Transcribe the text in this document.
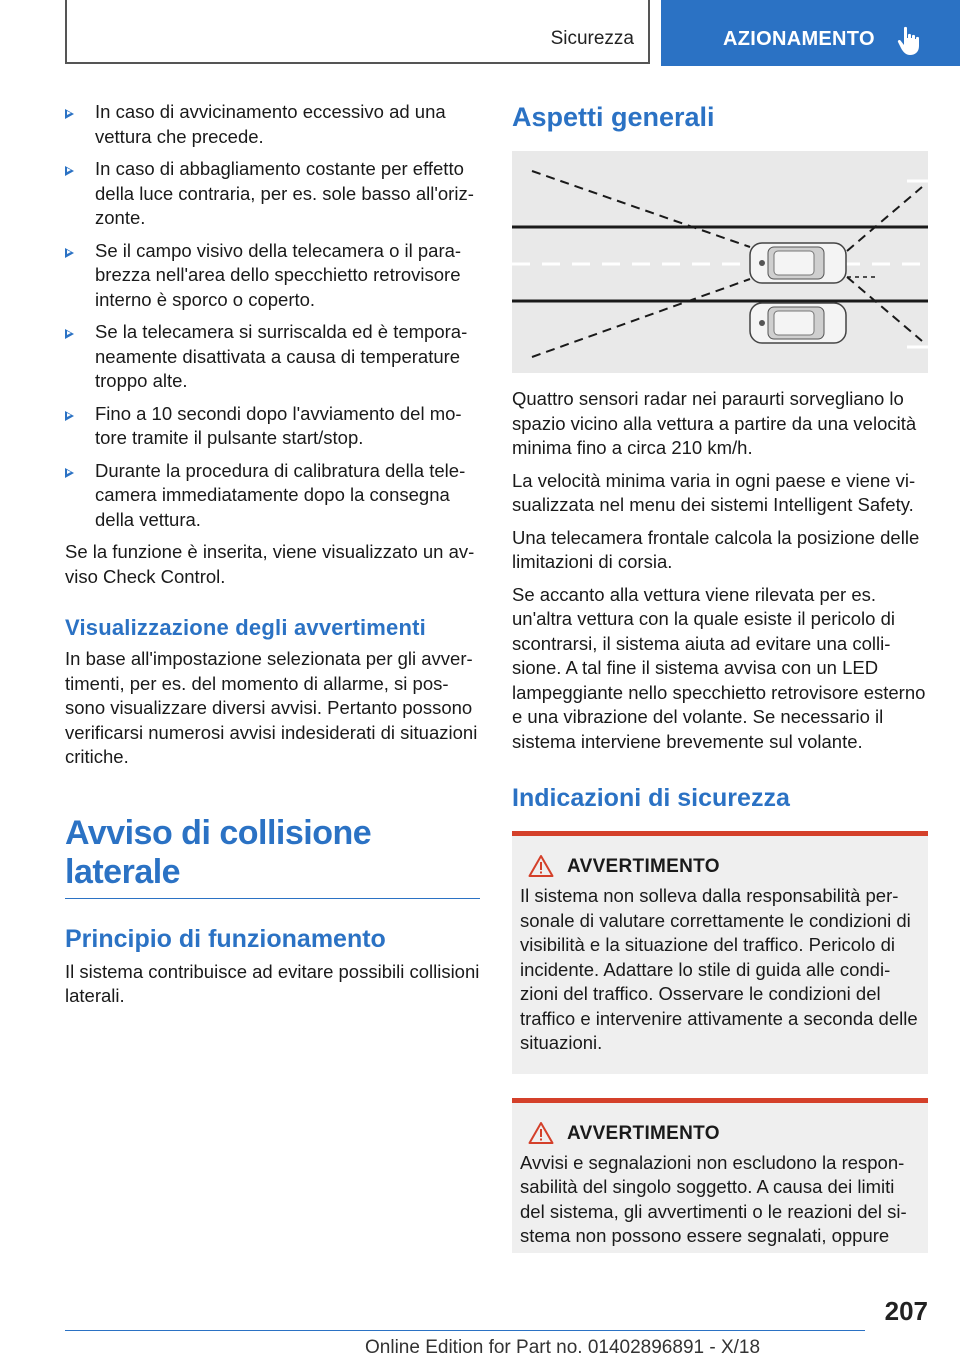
Sicurezza	AZIONAMENTO
In caso di avvicinamento eccessivo ad una vettura che precede.
In caso di abbagliamento costante per effetto della luce contraria, per es. sole basso all'orizzonte.
Se il campo visivo della telecamera o il parabrezza nell'area dello specchietto retrovisore interno è sporco o coperto.
Se la telecamera si surriscalda ed è temporaneamente disattivata a causa di temperature troppo alte.
Fino a 10 secondi dopo l'avviamento del motore tramite il pulsante start/stop.
Durante la procedura di calibratura della telecamera immediatamente dopo la consegna della vettura.

Se la funzione è inserita, viene visualizzato un avviso Check Control.

Visualizzazione degli avvertimenti

In base all'impostazione selezionata per gli avvertimenti, per es. del momento di allarme, si possono visualizzare diversi avvisi. Pertanto possono verificarsi numerosi avvisi indesiderati di situazioni critiche.

Avviso di collisione laterale
Principio di funzionamento

Il sistema contribuisce ad evitare possibili collisioni laterali.

Aspetti generali

Quattro sensori radar nei paraurti sorvegliano lo spazio vicino alla vettura a partire da una velocità minima fino a circa 210 km/h.

La velocità minima varia in ogni paese e viene visualizzata nel menu dei sistemi Intelligent Safety.

Una telecamera frontale calcola la posizione delle limitazioni di corsia.

Se accanto alla vettura viene rilevata per es. un'altra vettura con la quale esiste il pericolo di scontrarsi, il sistema aiuta ad evitare una collisione. A tal fine il sistema avvisa con un LED lampeggiante nello specchietto retrovisore esterno e una vibrazione del volante. Se necessario il sistema interviene brevemente sul volante.

Indicazioni di sicurezza
AVVERTIMENTO

Il sistema non solleva dalla responsabilità personale di valutare correttamente le condizioni di visibilità e la situazione del traffico. Pericolo di incidente. Adattare lo stile di guida alle condizioni del traffico. Osservare le condizioni del traffico e intervenire attivamente a seconda delle situazioni.

AVVERTIMENTO

Avvisi e segnalazioni non escludono la responsabilità del singolo soggetto. A causa dei limiti del sistema, gli avvertimenti o le reazioni del sistema non possono essere segnalati, oppure

207
Online Edition for Part no. 01402896891 - X/18
